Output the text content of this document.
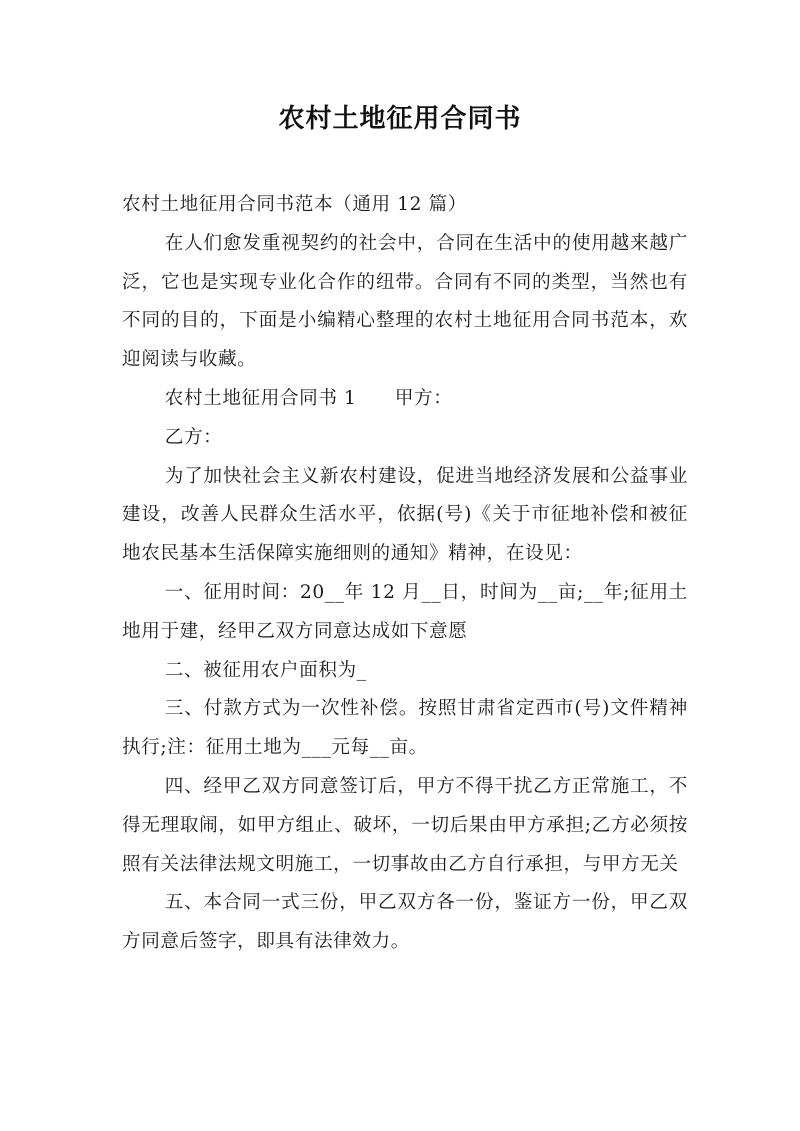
农村土地征用合同书

农村土地征用合同书范本（通用 12 篇）

在人们愈发重视契约的社会中，合同在生活中的使用越来越广泛，它也是实现专业化合作的纽带。合同有不同的类型，当然也有不同的目的，下面是小编精心整理的农村土地征用合同书范本，欢迎阅读与收藏。

农村土地征用合同书 1　　甲方：

乙方：

为了加快社会主义新农村建设，促进当地经济发展和公益事业建设，改善人民群众生活水平，依据(号)《关于市征地补偿和被征地农民基本生活保障实施细则的通知》精神，在设见：

一、征用时间：20__年 12 月__日，时间为__亩;__年;征用土地用于建，经甲乙双方同意达成如下意愿

二、被征用农户面积为_

三、付款方式为一次性补偿。按照甘肃省定西市(号)文件精神执行;注：征用土地为___元每__亩。

四、经甲乙双方同意签订后，甲方不得干扰乙方正常施工，不得无理取闹，如甲方组止、破坏，一切后果由甲方承担;乙方必须按照有关法律法规文明施工，一切事故由乙方自行承担，与甲方无关

五、本合同一式三份，甲乙双方各一份，鉴证方一份，甲乙双方同意后签字，即具有法律效力。
